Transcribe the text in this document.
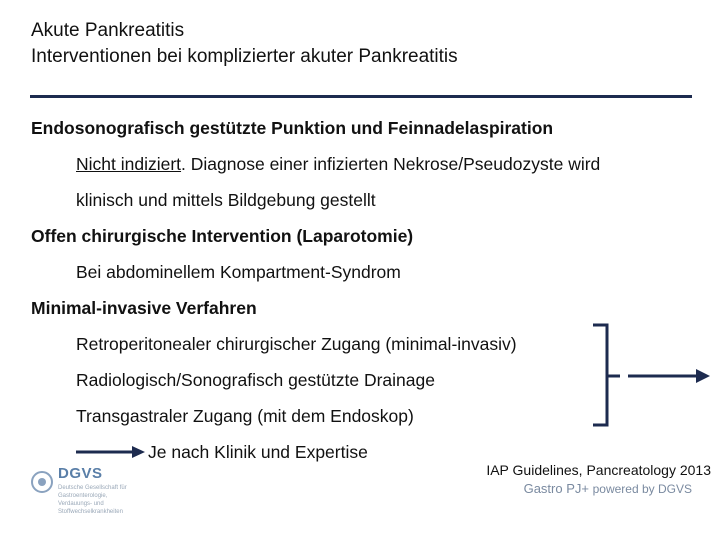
Akute Pankreatitis
Interventionen bei komplizierter akuter Pankreatitis
Endosonografisch gestützte Punktion und Feinnadelaspiration
Nicht indiziert. Diagnose einer infizierten Nekrose/Pseudozyste wird
klinisch und mittels Bildgebung gestellt
Offen chirurgische Intervention (Laparotomie)
Bei abdominellem Kompartment-Syndrom
Minimal-invasive Verfahren
Retroperitonealer chirurgischer Zugang (minimal-invasiv)
Radiologisch/Sonografisch gestützte Drainage
Transgastraler Zugang (mit dem Endoskop)
Je nach Klinik und Expertise
IAP Guidelines, Pancreatology 2013
Gastro PJ+ powered by DGVS
DGVS
Deutsche Gesellschaft für
Gastroenterologie,
Verdauungs- und
Stoffwechselkrankheiten
